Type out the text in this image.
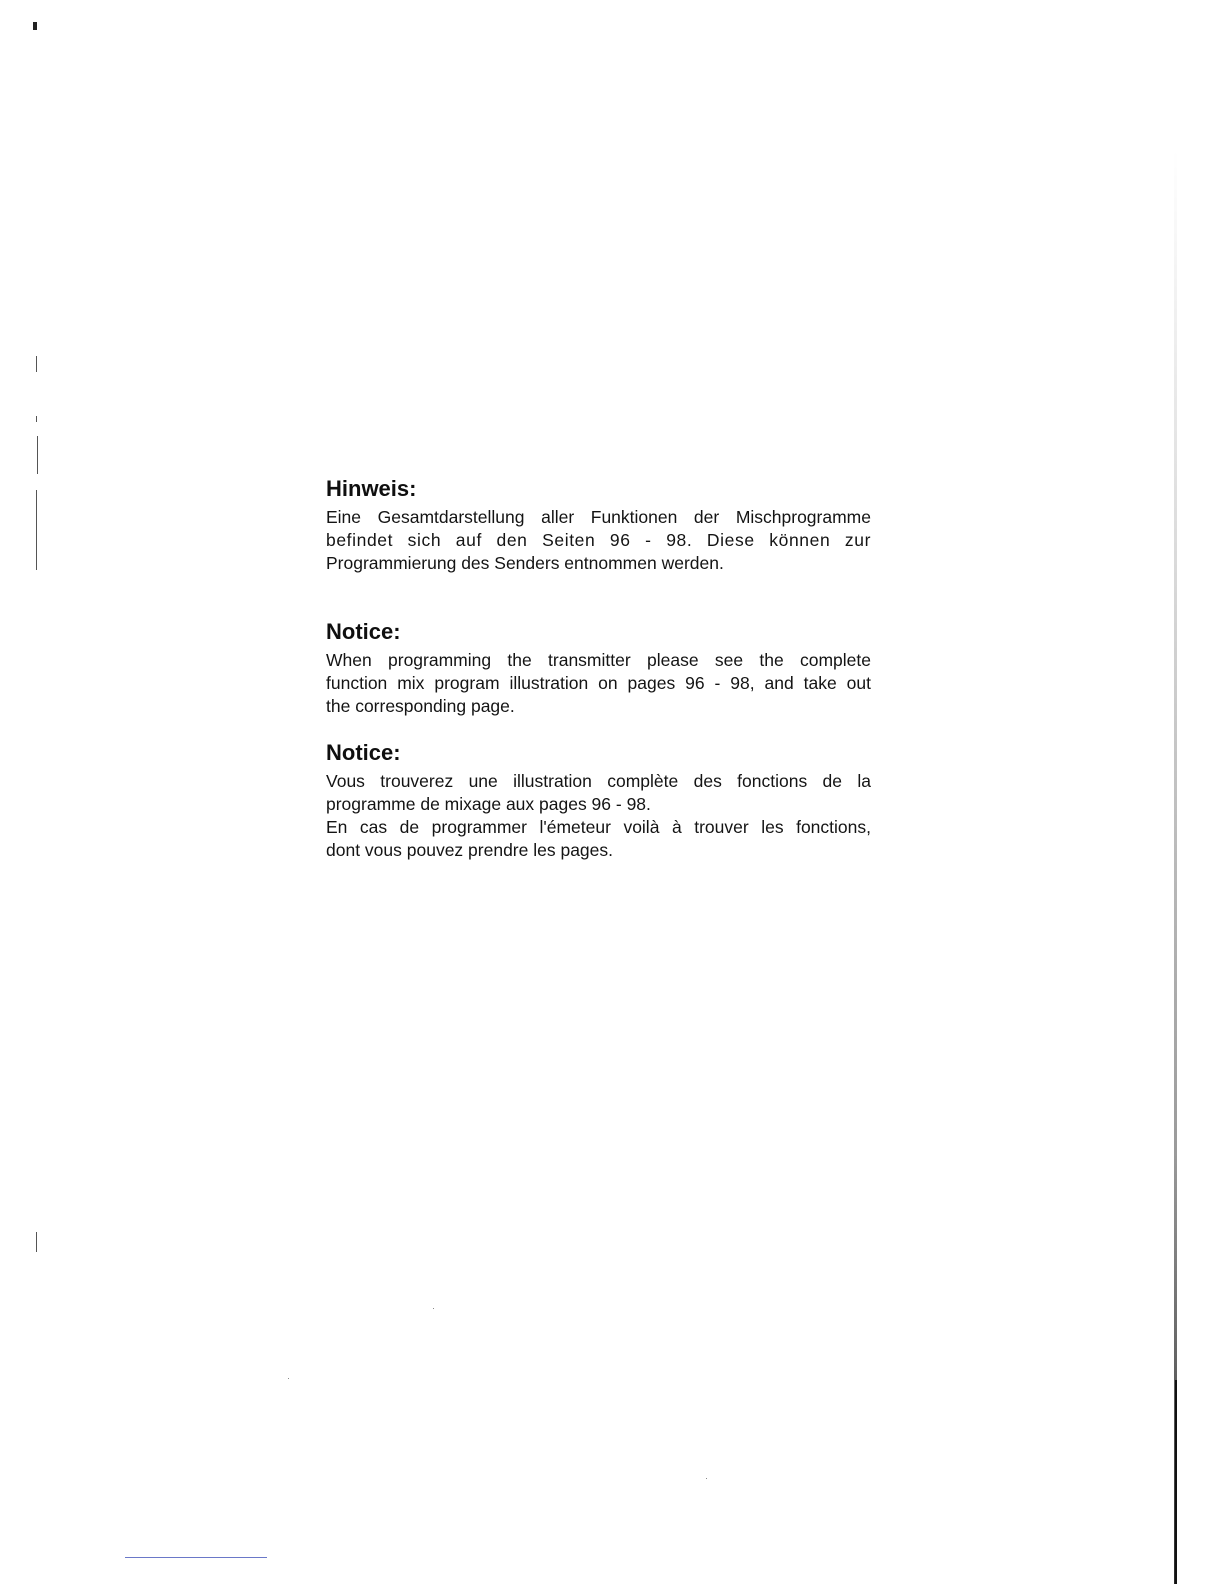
Hinweis:

Eine Gesamtdarstellung aller Funktionen der Mischprogramme
befindet sich auf den Seiten 96 - 98. Diese können zur
Programmierung des Senders entnommen werden.

Notice:

When programming the transmitter please see the complete
function mix program illustration on pages 96 - 98, and take out
the corresponding page.

Notice:

Vous trouverez une illustration complète des fonctions de la
programme de mixage aux pages 96 - 98.
En cas de programmer l'émeteur voilà à trouver les fonctions,
dont vous pouvez prendre les pages.
